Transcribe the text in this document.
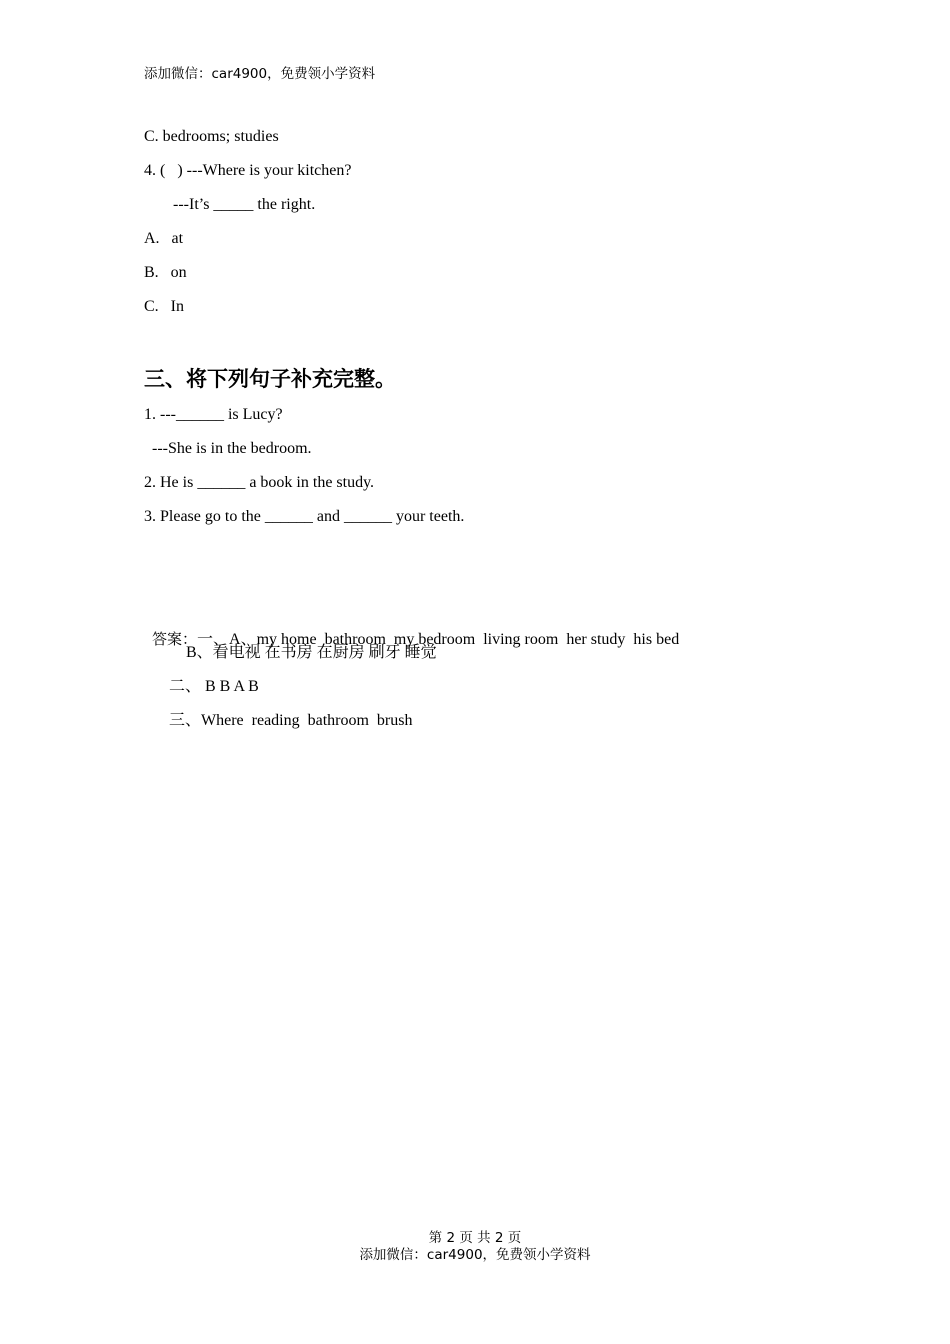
添加微信：car4900，免费领小学资料
C. bedrooms; studies
4. (   ) ---Where is your kitchen?
---It’s _____ the right.
A.   at
B.   on
C.   In
三、将下列句子补充完整。
1. ---______ is Lucy?
---She is in the bedroom.
2. He is ______ a book in the study.
3. Please go to the ______ and ______ your teeth.

答案：一、A、my home  bathroom  my bedroom  living room  her study  his bed

B、看电视 在书房 在厨房 刷牙 睡觉
二、 B B A B
三、Where  reading  bathroom  brush
第 2 页 共 2 页
添加微信：car4900，免费领小学资料
